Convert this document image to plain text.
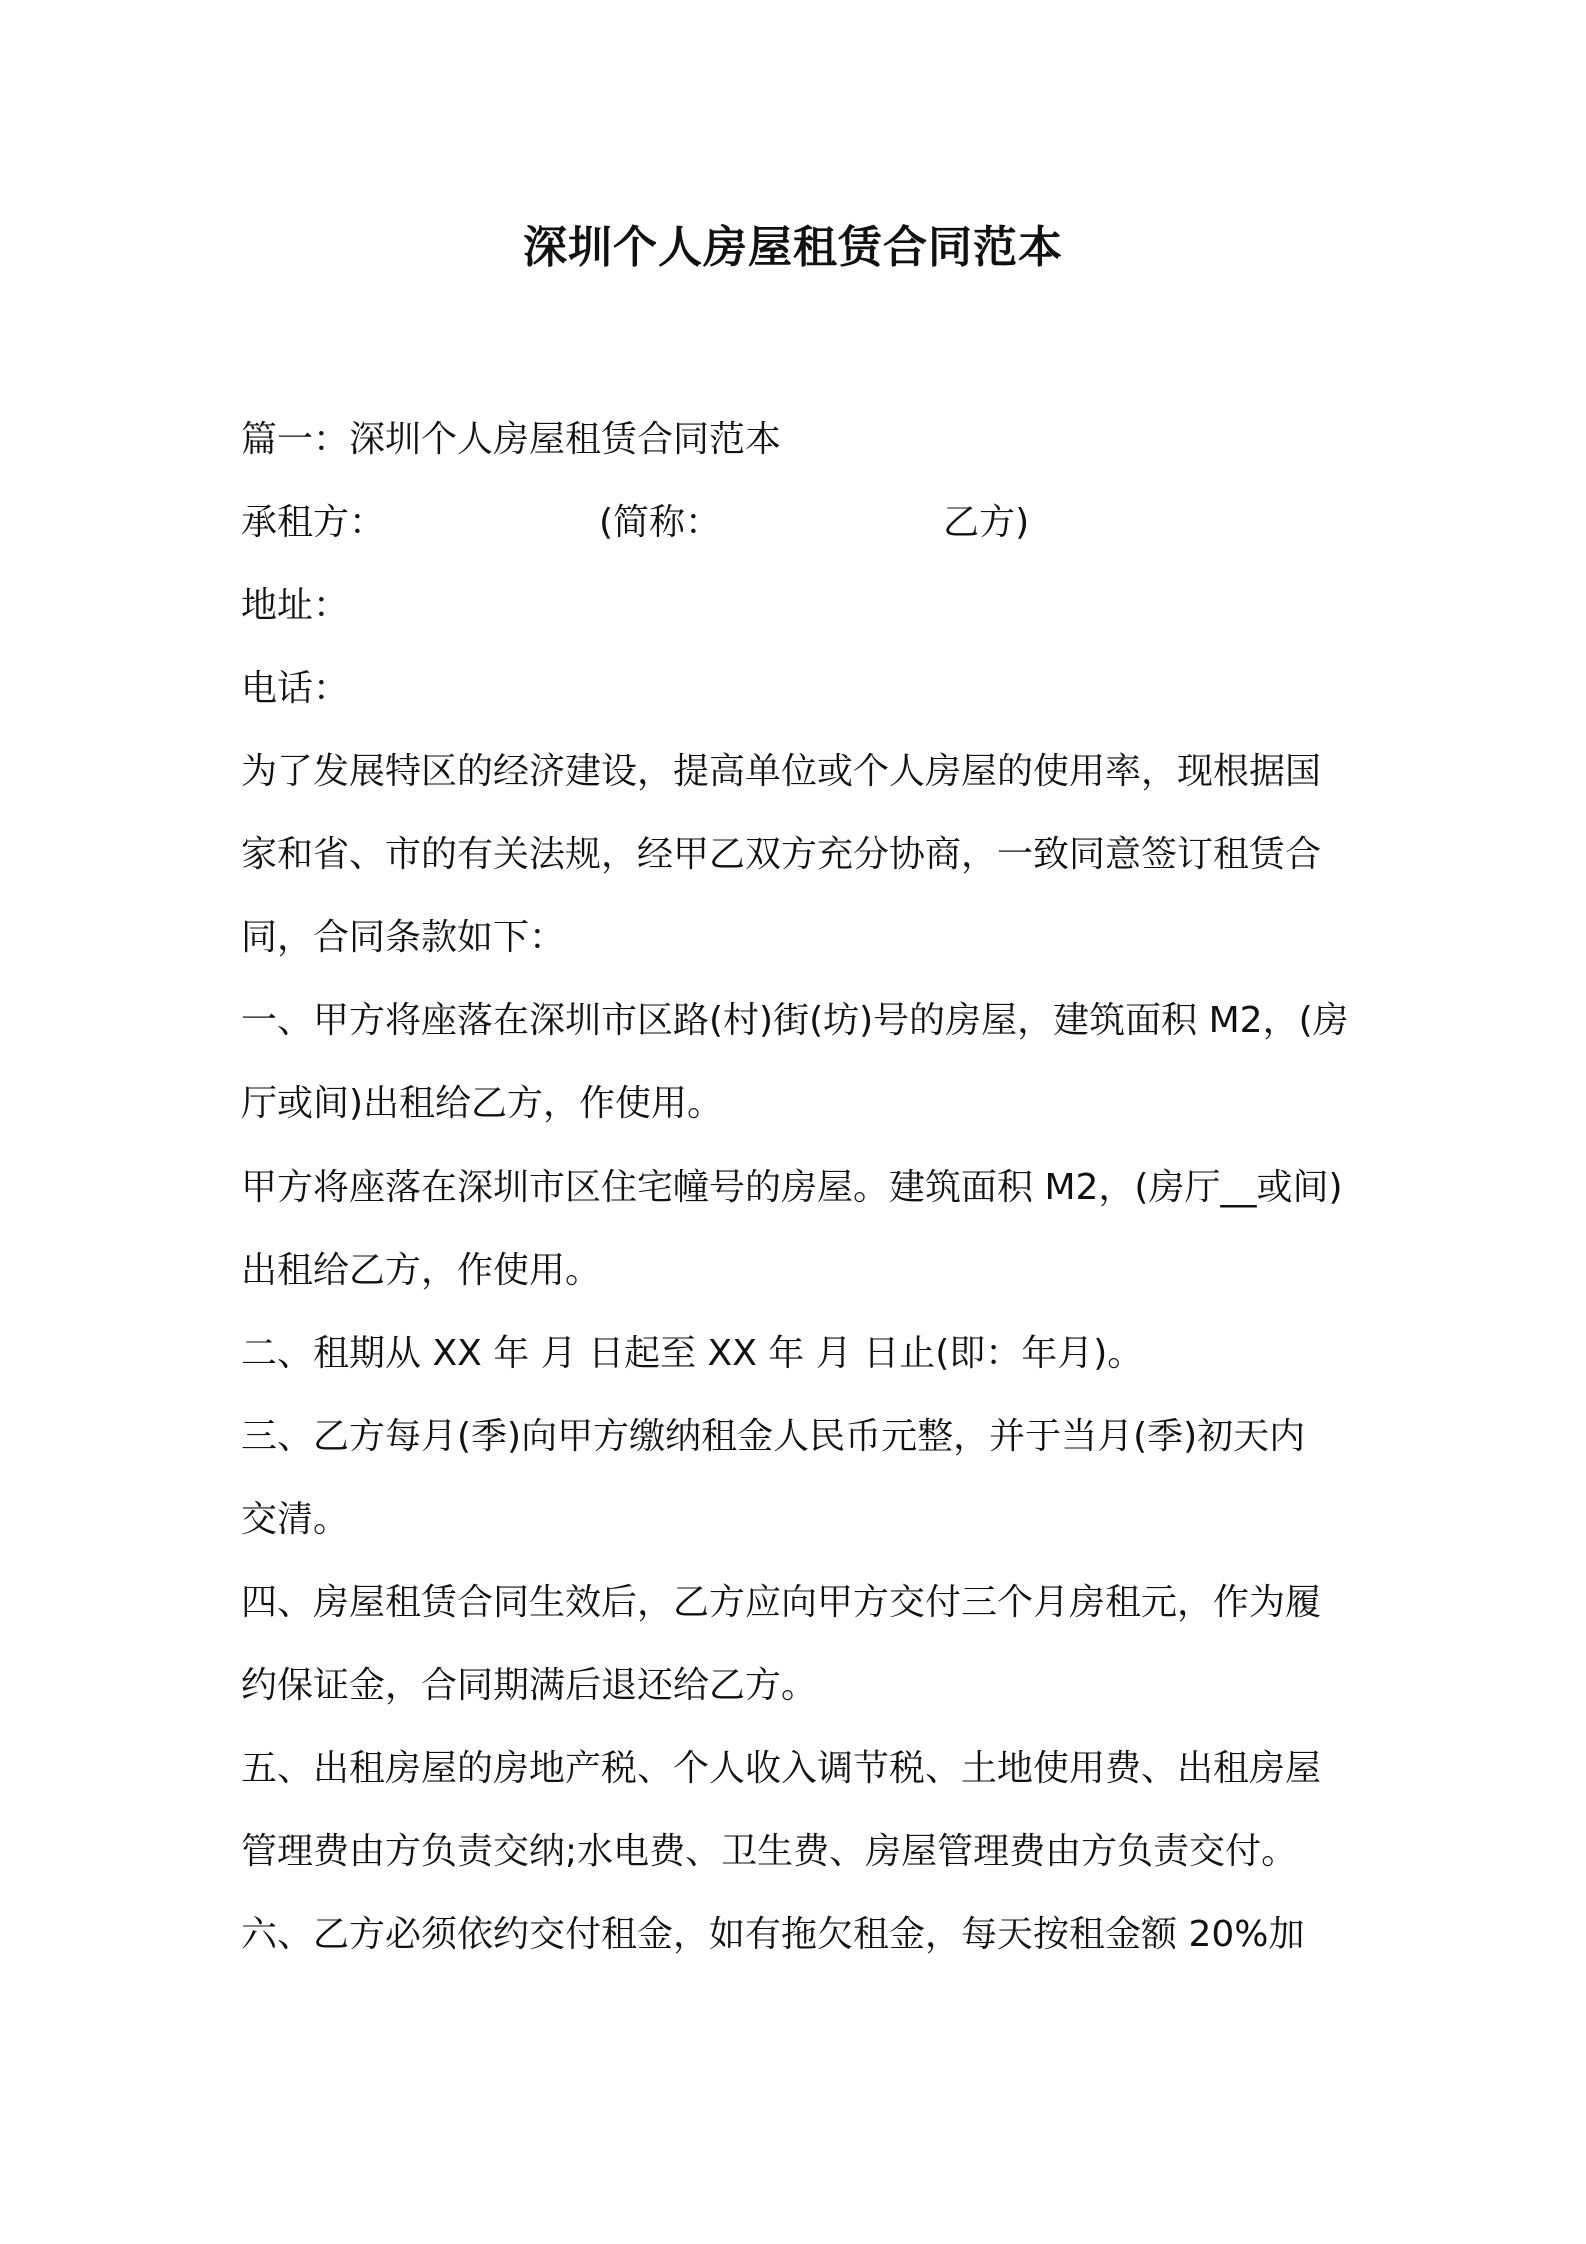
深圳个人房屋租赁合同范本
篇一：深圳个人房屋租赁合同范本
承租方：	(简称：	乙方)
地址：
电话：
为了发展特区的经济建设，提高单位或个人房屋的使用率，现根据国
家和省、市的有关法规，经甲乙双方充分协商，一致同意签订租赁合
同，合同条款如下：
一、甲方将座落在深圳市区路(村)街(坊)号的房屋，建筑面积 M2，(房
厅或间)出租给乙方，作使用。
甲方将座落在深圳市区住宅幢号的房屋。建筑面积 M2，(房厅__或间)
出租给乙方，作使用。
二、租期从 XX 年 月 日起至 XX 年 月 日止(即：年月)。
三、乙方每月(季)向甲方缴纳租金人民币元整，并于当月(季)初天内
交清。
四、房屋租赁合同生效后，乙方应向甲方交付三个月房租元，作为履
约保证金，合同期满后退还给乙方。
五、出租房屋的房地产税、个人收入调节税、土地使用费、出租房屋
管理费由方负责交纳;水电费、卫生费、房屋管理费由方负责交付。
六、乙方必须依约交付租金，如有拖欠租金，每天按租金额 20%加
